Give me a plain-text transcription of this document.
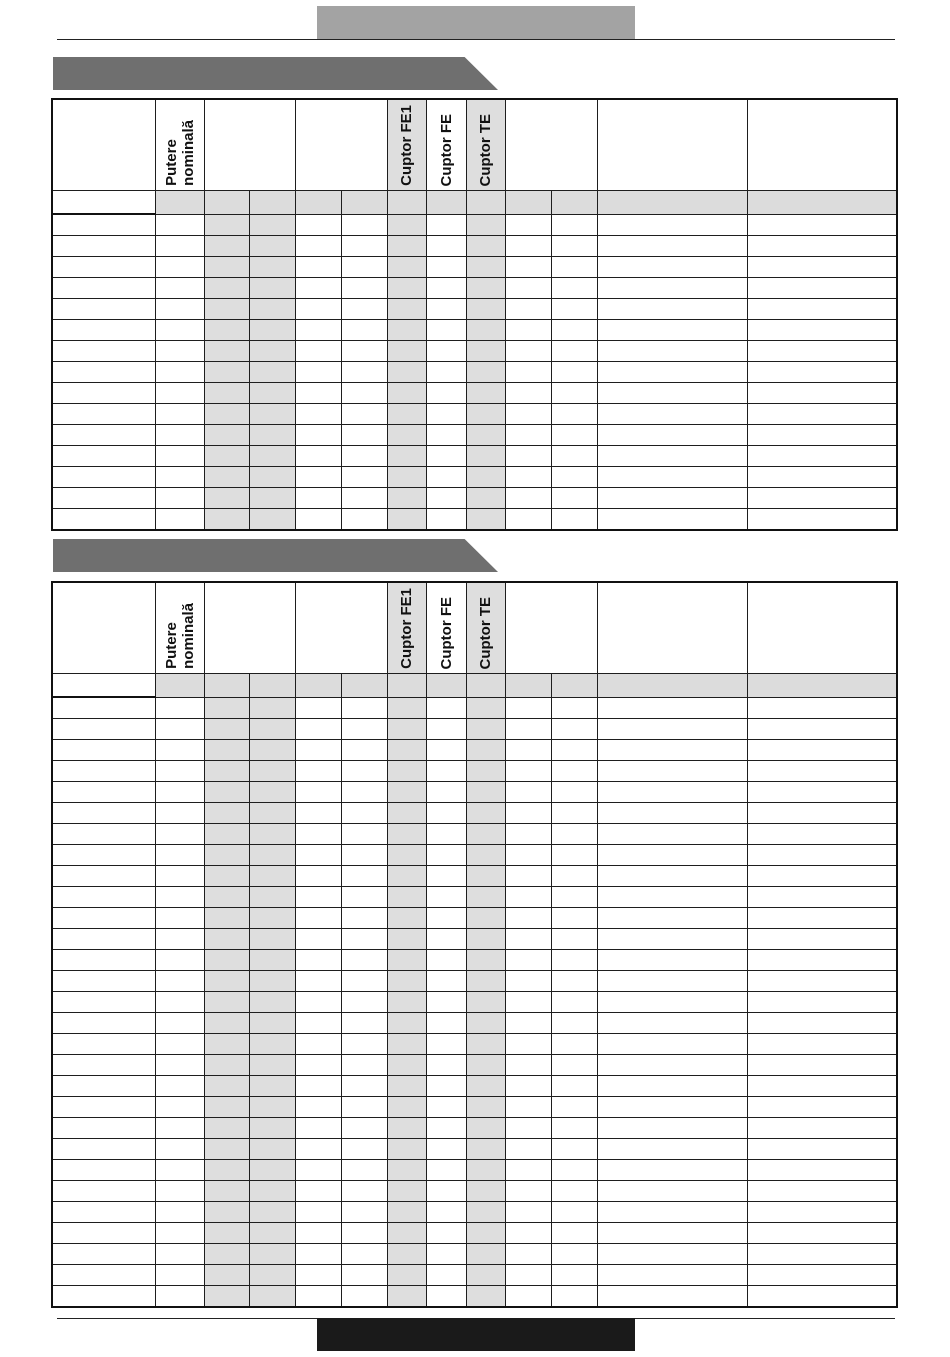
	Putere
nominală					Cuptor FE1	Cuptor FE	Cuptor TE				

	Putere
nominală					Cuptor FE1	Cuptor FE	Cuptor TE				
